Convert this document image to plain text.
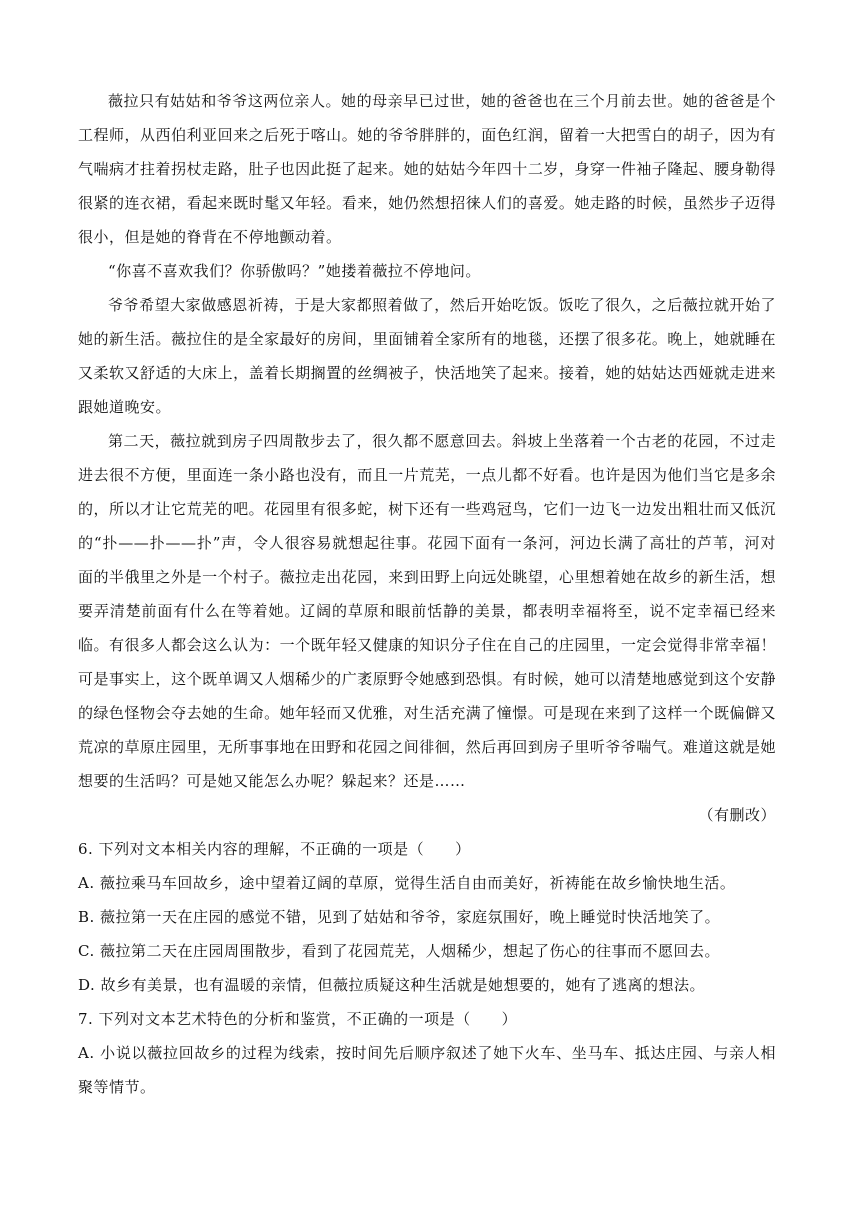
薇拉只有姑姑和爷爷这两位亲人。她的母亲早已过世，她的爸爸也在三个月前去世。她的爸爸是个工程师，从西伯利亚回来之后死于喀山。她的爷爷胖胖的，面色红润，留着一大把雪白的胡子，因为有气喘病才拄着拐杖走路，肚子也因此挺了起来。她的姑姑今年四十二岁，身穿一件袖子隆起、腰身勒得很紧的连衣裙，看起来既时髦又年轻。看来，她仍然想招徕人们的喜爱。她走路的时候，虽然步子迈得很小，但是她的脊背在不停地颤动着。

“你喜不喜欢我们？你骄傲吗？”她搂着薇拉不停地问。

爷爷希望大家做感恩祈祷，于是大家都照着做了，然后开始吃饭。饭吃了很久，之后薇拉就开始了她的新生活。薇拉住的是全家最好的房间，里面铺着全家所有的地毯，还摆了很多花。晚上，她就睡在又柔软又舒适的大床上，盖着长期搁置的丝绸被子，快活地笑了起来。接着，她的姑姑达西娅就走进来跟她道晚安。

第二天，薇拉就到房子四周散步去了，很久都不愿意回去。斜坡上坐落着一个古老的花园，不过走进去很不方便，里面连一条小路也没有，而且一片荒芜，一点儿都不好看。也许是因为他们当它是多余的，所以才让它荒芜的吧。花园里有很多蛇，树下还有一些鸡冠鸟，它们一边飞一边发出粗壮而又低沉的“扑——扑——扑”声，令人很容易就想起往事。花园下面有一条河，河边长满了高壮的芦苇，河对面的半俄里之外是一个村子。薇拉走出花园，来到田野上向远处眺望，心里想着她在故乡的新生活，想要弄清楚前面有什么在等着她。辽阔的草原和眼前恬静的美景，都表明幸福将至，说不定幸福已经来临。有很多人都会这么认为：一个既年轻又健康的知识分子住在自己的庄园里，一定会觉得非常幸福！可是事实上，这个既单调又人烟稀少的广袤原野令她感到恐惧。有时候，她可以清楚地感觉到这个安静的绿色怪物会夺去她的生命。她年轻而又优雅，对生活充满了憧憬。可是现在来到了这样一个既偏僻又荒凉的草原庄园里，无所事事地在田野和花园之间徘徊，然后再回到房子里听爷爷喘气。难道这就是她想要的生活吗？可是她又能怎么办呢？躲起来？还是……

（有删改）

6. 下列对文本相关内容的理解，不正确的一项是（　　）

A. 薇拉乘马车回故乡，途中望着辽阔的草原，觉得生活自由而美好，祈祷能在故乡愉快地生活。

B. 薇拉第一天在庄园的感觉不错，见到了姑姑和爷爷，家庭氛围好，晚上睡觉时快活地笑了。

C. 薇拉第二天在庄园周围散步，看到了花园荒芜，人烟稀少，想起了伤心的往事而不愿回去。

D. 故乡有美景，也有温暖的亲情，但薇拉质疑这种生活就是她想要的，她有了逃离的想法。

7. 下列对文本艺术特色的分析和鉴赏，不正确的一项是（　　）

A. 小说以薇拉回故乡的过程为线索，按时间先后顺序叙述了她下火车、坐马车、抵达庄园、与亲人相聚等情节。
